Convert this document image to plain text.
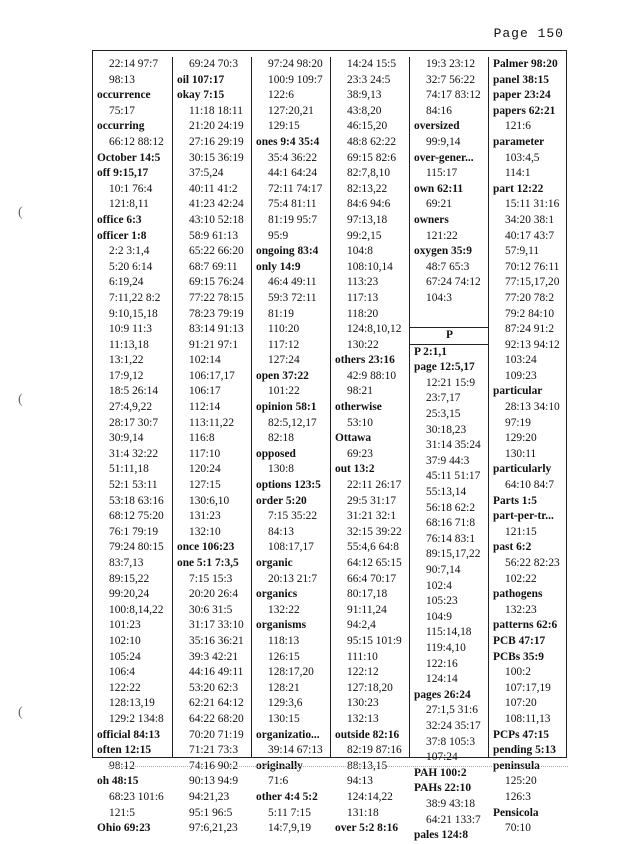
Page 150
(
(
(
22:14 97:7
98:13
occurrence
75:17
occurring
66:12 88:12
October 14:5
off 9:15,17
10:1 76:4
121:8,11
office 6:3
officer 1:8
2:2 3:1,4
5:20 6:14
6:19,24
7:11,22 8:2
9:10,15,18
10:9 11:3
11:13,18
13:1,22
17:9,12
18:5 26:14
27:4,9,22
28:17 30:7
30:9,14
31:4 32:22
51:11,18
52:1 53:11
53:18 63:16
68:12 75:20
76:1 79:19
79:24 80:15
83:7,13
89:15,22
99:20,24
100:8,14,22
101:23
102:10
105:24
106:4
122:22
128:13,19
129:2 134:8
official 84:13
often 12:15
98:12
oh 48:15
68:23 101:6
121:5
Ohio 69:23
69:24 70:3
oil 107:17
okay 7:15
11:18 18:11
21:20 24:19
27:16 29:19
30:15 36:19
37:5,24
40:11 41:2
41:23 42:24
43:10 52:18
58:9 61:13
65:22 66:20
68:7 69:11
69:15 76:24
77:22 78:15
78:23 79:19
83:14 91:13
91:21 97:1
102:14
106:17,17
106:17
112:14
113:11,22
116:8
117:10
120:24
127:15
130:6,10
131:23
132:10
once 106:23
one 5:1 7:3,5
7:15 15:3
20:20 26:4
30:6 31:5
31:17 33:10
35:16 36:21
39:3 42:21
44:16 49:11
53:20 62:3
62:21 64:12
64:22 68:20
70:20 71:19
71:21 73:3
74:16 90:2
90:13 94:9
94:21,23
95:1 96:5
97:6,21,23
97:24 98:20
100:9 109:7
122:6
127:20,21
129:15
ones 9:4 35:4
35:4 36:22
44:1 64:24
72:11 74:17
75:4 81:11
81:19 95:7
95:9
ongoing 83:4
only 14:9
46:4 49:11
59:3 72:11
81:19
110:20
117:12
127:24
open 37:22
101:22
opinion 58:1
82:5,12,17
82:18
opposed
130:8
options 123:5
order 5:20
7:15 35:22
84:13
108:17,17
organic
20:13 21:7
organics
132:22
organisms
118:13
126:15
128:17,20
128:21
129:3,6
130:15
organizatio...
39:14 67:13
originally
71:6
other 4:4 5:2
5:11 7:15
14:7,9,19
14:24 15:5
23:3 24:5
38:9,13
43:8,20
46:15,20
48:8 62:22
69:15 82:6
82:7,8,10
82:13,22
84:6 94:6
97:13,18
99:2,15
104:8
108:10,14
113:23
117:13
118:20
124:8,10,12
130:22
others 23:16
42:9 88:10
98:21
otherwise
53:10
Ottawa
69:23
out 13:2
22:11 26:17
29:5 31:17
31:21 32:1
32:15 39:22
55:4,6 64:8
64:12 65:15
66:4 70:17
80:17,18
91:11,24
94:2,4
95:15 101:9
111:10
122:12
127:18,20
130:23
132:13
outside 82:16
82:19 87:16
88:13,15
94:13
124:14,22
131:18
over 5:2 8:16
19:3 23:12
32:7 56:22
74:17 83:12
84:16
oversized
99:9,14
over-gener...
115:17
own 62:11
69:21
owners
121:22
oxygen 35:9
48:7 65:3
67:24 74:12
104:3
P
P 2:1,1
page 12:5,17
12:21 15:9
23:7,17
25:3,15
30:18,23
31:14 35:24
37:9 44:3
45:11 51:17
55:13,14
56:18 62:2
68:16 71:8
76:14 83:1
89:15,17,22
90:7,14
102:4
105:23
104:9
115:14,18
119:4,10
122:16
124:14
pages 26:24
27:1,5 31:6
32:24 35:17
37:8 105:3
107:24
PAH 100:2
PAHs 22:10
38:9 43:18
64:21 133:7
pales 124:8
Palmer 98:20
panel 38:15
paper 23:24
papers 62:21
121:6
parameter
103:4,5
114:1
part 12:22
15:11 31:16
34:20 38:1
40:17 43:7
57:9,11
70:12 76:11
77:15,17,20
77:20 78:2
79:2 84:10
87:24 91:2
92:13 94:12
103:24
109:23
particular
28:13 34:10
97:19
129:20
130:11
particularly
64:10 84:7
Parts 1:5
part-per-tr...
121:15
past 6:2
56:22 82:23
102:22
pathogens
132:23
patterns 62:6
PCB 47:17
PCBs 35:9
100:2
107:17,19
107:20
108:11,13
PCPs 47:15
pending 5:13
peninsula
125:20
126:3
Pensicola
70:10
